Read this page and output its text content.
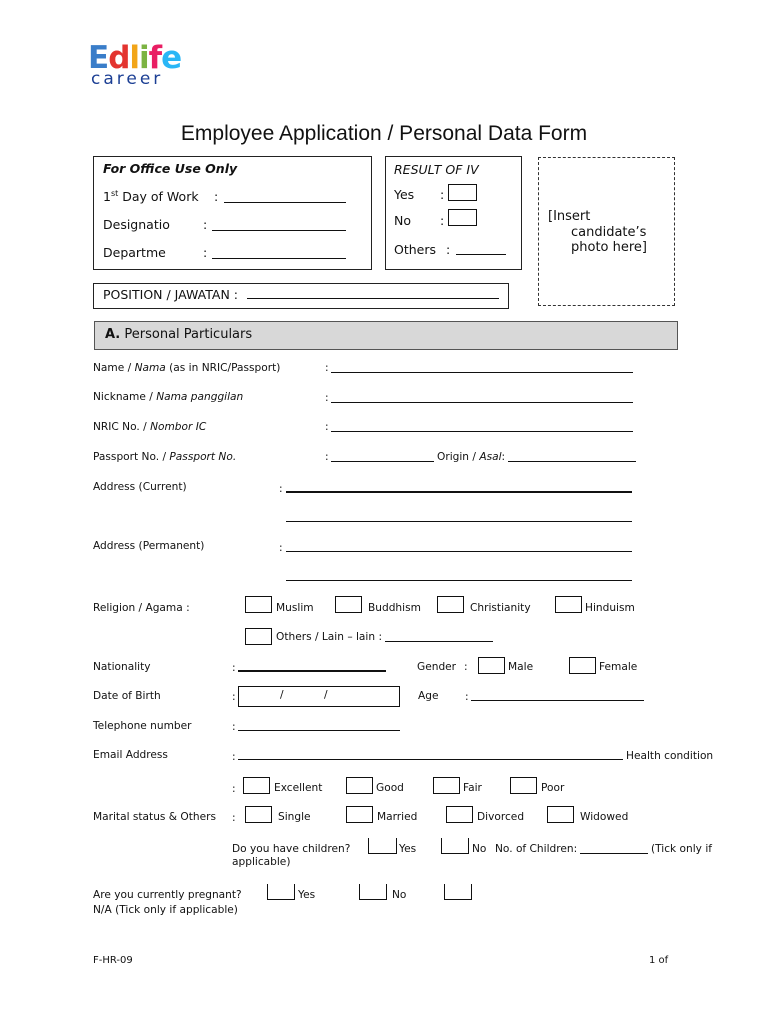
Edlife
career
Employee Application / Personal Data Form
For Office Use Only
1st Day of Work :
Designatio	:
Departme	:
RESULT OF IV
Yes :
No :
Others :
[Insert
candidate’s
photo here]
POSITION / JAWATAN :
A. Personal Particulars
Name / Nama (as in NRIC/Passport)	:
Nickname / Nama panggilan	:
NRIC No. / Nombor IC	:
Passport No. / Passport No.	:	Origin / Asal:
Address (Current)	:
Address (Permanent)	:
Religion / Agama :	Muslim	Buddhism	Christianity	Hinduism
Others / Lain – lain :
Nationality	:	Gender :	Male	Female
Date of Birth	:	/	/	Age	:
Telephone number	:
Email Address	:	Health condition
:	Excellent	Good	Fair	Poor
Marital status & Others :	Single	Married	Divorced	Widowed
Do you have children?	Yes	No No. of Children:	(Tick only if
applicable)
Are you currently pregnant?	Yes	No
N/A (Tick only if applicable)
F-HR-09	1 of
